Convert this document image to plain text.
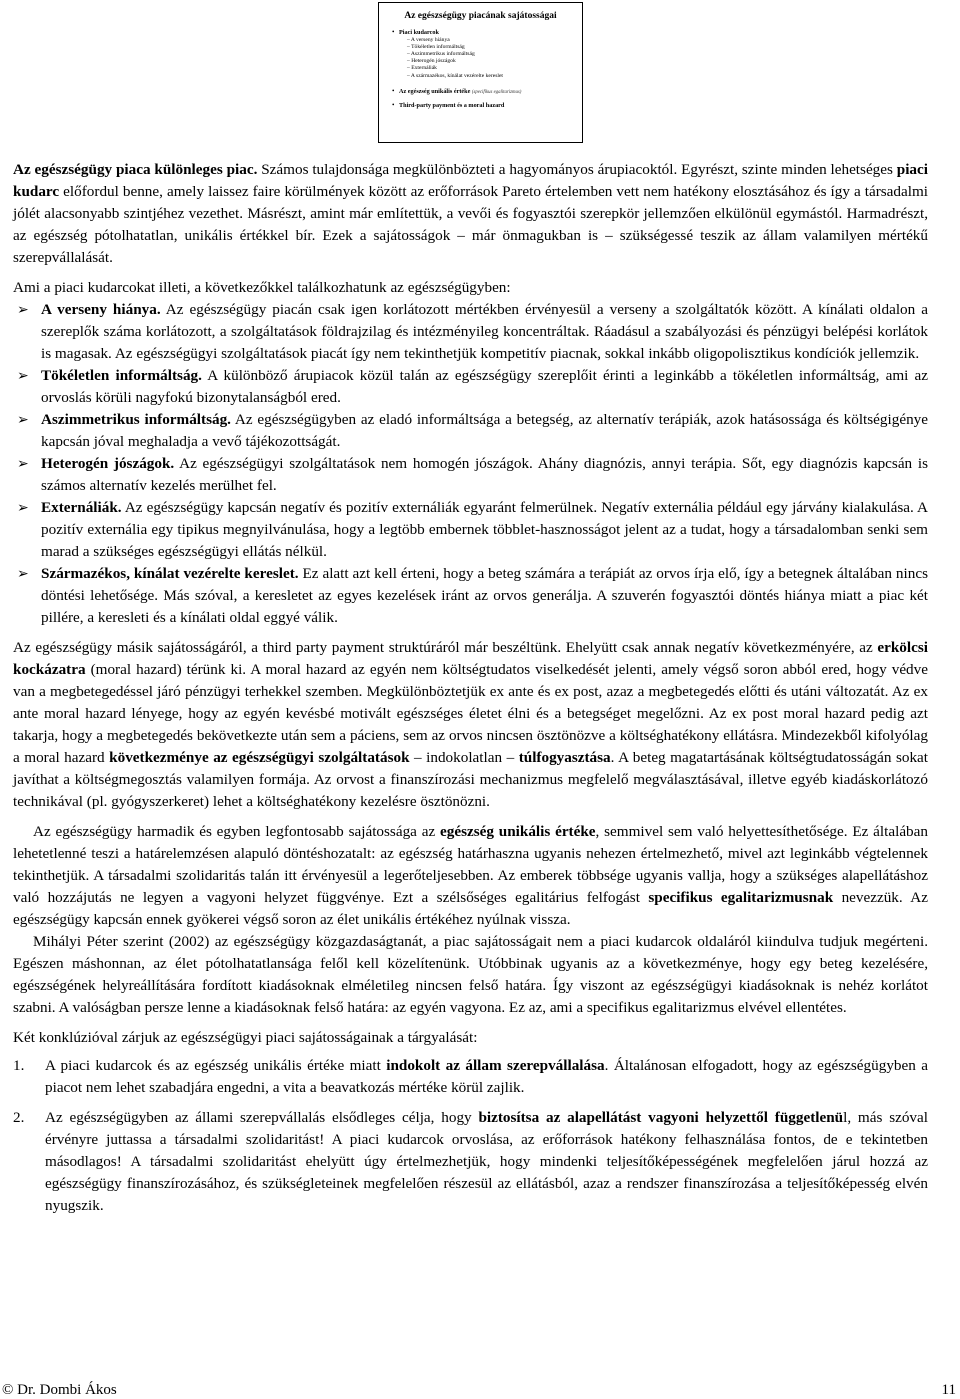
Az egészségügy piacának sajátosságai
• Piaci kudarcok
– A verseny hiánya
– Tökéletlen informáltság
– Aszimmetrikus informáltság
– Heterogén jószágok
– Externáliák
– A származékos, kínálat vezérelte kereslet
• Az egészség unikális értéke (specifikus egalitarizmus)
• Third-party payment és a moral hazard

Az egészségügy piaca különleges piac. Számos tulajdonsága megkülönbözteti a hagyományos árupiacoktól. Egyrészt, szinte minden lehetséges piaci kudarc előfordul benne, amely laissez faire körülmények között az erőforrások Pareto értelemben vett nem hatékony elosztásához és így a társadalmi jólét alacsonyabb szintjéhez vezethet. Másrészt, amint már említettük, a vevői és fogyasztói szerepkör jellemzően elkülönül egymástól. Harmadrészt, az egészség pótolhatatlan, unikális értékkel bír. Ezek a sajátosságok – már önmagukban is – szükségessé teszik az állam valamilyen mértékű szerepvállalását.

Ami a piaci kudarcokat illeti, a következőkkel találkozhatunk az egészségügyben:

➢ A verseny hiánya. Az egészségügy piacán csak igen korlátozott mértékben érvényesül a verseny a szolgáltatók között. A kínálati oldalon a szereplők száma korlátozott, a szolgáltatások földrajzilag és intézményileg koncentráltak. Ráadásul a szabályozási és pénzügyi belépési korlátok is magasak. Az egészségügyi szolgáltatások piacát így nem tekinthetjük kompetitív piacnak, sokkal inkább oligopolisztikus kondíciók jellemzik.

➢ Tökéletlen informáltság. A különböző árupiacok közül talán az egészségügy szereplőit érinti a leginkább a tökéletlen informáltság, ami az orvoslás körüli nagyfokú bizonytalanságból ered.

➢ Aszimmetrikus informáltság. Az egészségügyben az eladó informáltsága a betegség, az alternatív terápiák, azok hatásossága és költségigénye kapcsán jóval meghaladja a vevő tájékozottságát.

➢ Heterogén jószágok. Az egészségügyi szolgáltatások nem homogén jószágok. Ahány diagnózis, annyi terápia. Sőt, egy diagnózis kapcsán is számos alternatív kezelés merülhet fel.

➢ Externáliák. Az egészségügy kapcsán negatív és pozitív externáliák egyaránt felmerülnek. Negatív externália például egy járvány kialakulása. A pozitív externália egy tipikus megnyilvánulása, hogy a legtöbb embernek többlet-hasznosságot jelent az a tudat, hogy a társadalomban senki sem marad a szükséges egészségügyi ellátás nélkül.

➢ Származékos, kínálat vezérelte kereslet. Ez alatt azt kell érteni, hogy a beteg számára a terápiát az orvos írja elő, így a betegnek általában nincs döntési lehetősége. Más szóval, a keresletet az egyes kezelések iránt az orvos generálja. A szuverén fogyasztói döntés hiánya miatt a piac két pillére, a keresleti és a kínálati oldal eggyé válik.

Az egészségügy másik sajátosságáról, a third party payment struktúráról már beszéltünk. Ehelyütt csak annak negatív következményére, az erkölcsi kockázatra (moral hazard) térünk ki. A moral hazard az egyén nem költségtudatos viselkedését jelenti, amely végső soron abból ered, hogy védve van a megbetegedéssel járó pénzügyi terhekkel szemben. Megkülönböztetjük ex ante és ex post, azaz a megbetegedés előtti és utáni változatát. Az ex ante moral hazard lényege, hogy az egyén kevésbé motivált egészséges életet élni és a betegséget megelőzni. Az ex post moral hazard pedig azt takarja, hogy a megbetegedés bekövetkezte után sem a páciens, sem az orvos nincsen ösztönözve a költséghatékony ellátásra. Mindezekből kifolyólag a moral hazard következménye az egészségügyi szolgáltatások – indokolatlan – túlfogyasztása. A beteg magatartásának költségtudatosságán sokat javíthat a költségmegosztás valamilyen formája. Az orvost a finanszírozási mechanizmus megfelelő megválasztásával, illetve egyéb kiadáskorlátozó technikával (pl. gyógyszerkeret) lehet a költséghatékony kezelésre ösztönözni.

Az egészségügy harmadik és egyben legfontosabb sajátossága az egészség unikális értéke, semmivel sem való helyettesíthetősége. Ez általában lehetetlenné teszi a határelemzésen alapuló döntéshozatalt: az egészség határhaszna ugyanis nehezen értelmezhető, mivel azt leginkább végtelennek tekinthetjük. A társadalmi szolidaritás talán itt érvényesül a legerőteljesebben. Az emberek többsége ugyanis vallja, hogy a szükséges alapellátáshoz való hozzájutás ne legyen a vagyoni helyzet függvénye. Ezt a szélsőséges egalitárius felfogást specifikus egalitarizmusnak nevezzük. Az egészségügy kapcsán ennek gyökerei végső soron az élet unikális értékéhez nyúlnak vissza.

Mihályi Péter szerint (2002) az egészségügy közgazdaságtanát, a piac sajátosságait nem a piaci kudarcok oldaláról kiindulva tudjuk megérteni. Egészen máshonnan, az élet pótolhatatlansága felől kell közelítenünk. Utóbbinak ugyanis az a következménye, hogy egy beteg kezelésére, egészségének helyreállítására fordított kiadásoknak elméletileg nincsen felső határa. Így viszont az egészségügyi kiadásoknak is nehéz korlátot szabni. A valóságban persze lenne a kiadásoknak felső határa: az egyén vagyona. Ez az, ami a specifikus egalitarizmus elvével ellentétes.

Két konklúzióval zárjuk az egészségügyi piaci sajátosságainak a tárgyalását:

1. A piaci kudarcok és az egészség unikális értéke miatt indokolt az állam szerepvállalása. Általánosan elfogadott, hogy az egészségügyben a piacot nem lehet szabadjára engedni, a vita a beavatkozás mértéke körül zajlik.

2. Az egészségügyben az állami szerepvállalás elsődleges célja, hogy biztosítsa az alapellátást vagyoni helyzettől függetlenül, más szóval érvényre juttassa a társadalmi szolidaritást! A piaci kudarcok orvoslása, az erőforrások hatékony felhasználása fontos, de e tekintetben másodlagos! A társadalmi szolidaritást ehelyütt úgy értelmezhetjük, hogy mindenki teljesítőképességének megfelelően járul hozzá az egészségügy finanszírozásához, és szükségleteinek megfelelően részesül az ellátásból, azaz a rendszer finanszírozása a teljesítőképesség elvén nyugszik.

© Dr. Dombi Ákos	11
